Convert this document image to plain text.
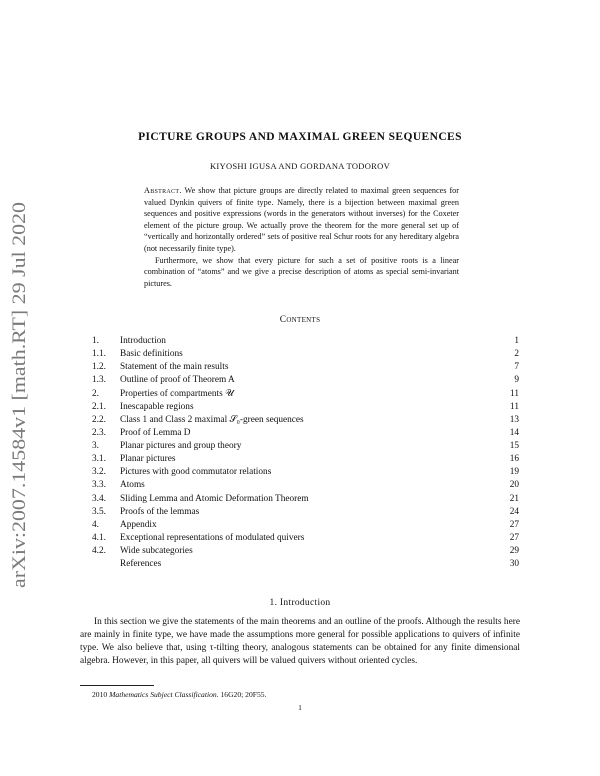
arXiv:2007.14584v1 [math.RT] 29 Jul 2020
PICTURE GROUPS AND MAXIMAL GREEN SEQUENCES
KIYOSHI IGUSA AND GORDANA TODOROV

Abstract. We show that picture groups are directly related to maximal green sequences for valued Dynkin quivers of finite type. Namely, there is a bijection between maximal green sequences and positive expressions (words in the generators without inverses) for the Coxeter element of the picture group. We actually prove the theorem for the more general set up of “vertically and horizontally ordered” sets of positive real Schur roots for any hereditary algebra (not necessarily finite type).

Furthermore, we show that every picture for such a set of positive roots is a linear combination of “atoms” and we give a precise description of atoms as special semi-invariant pictures.

Contents
1.	Introduction	1
1.1.	Basic definitions	2
1.2.	Statement of the main results	7
1.3.	Outline of proof of Theorem A	9
2.	Properties of compartments 𝒰	11
2.1.	Inescapable regions	11
2.2.	Class 1 and Class 2 maximal 𝒮₀-green sequences	13
2.3.	Proof of Lemma D	14
3.	Planar pictures and group theory	15
3.1.	Planar pictures	16
3.2.	Pictures with good commutator relations	19
3.3.	Atoms	20
3.4.	Sliding Lemma and Atomic Deformation Theorem	21
3.5.	Proofs of the lemmas	24
4.	Appendix	27
4.1.	Exceptional representations of modulated quivers	27
4.2.	Wide subcategories	29
References	30
1. Introduction

In this section we give the statements of the main theorems and an outline of the proofs. Although the results here are mainly in finite type, we have made the assumptions more general for possible applications to quivers of infinite type. We also believe that, using τ-tilting theory, analogous statements can be obtained for any finite dimensional algebra. However, in this paper, all quivers will be valued quivers without oriented cycles.

2010 Mathematics Subject Classification. 16G20; 20F55.
1
